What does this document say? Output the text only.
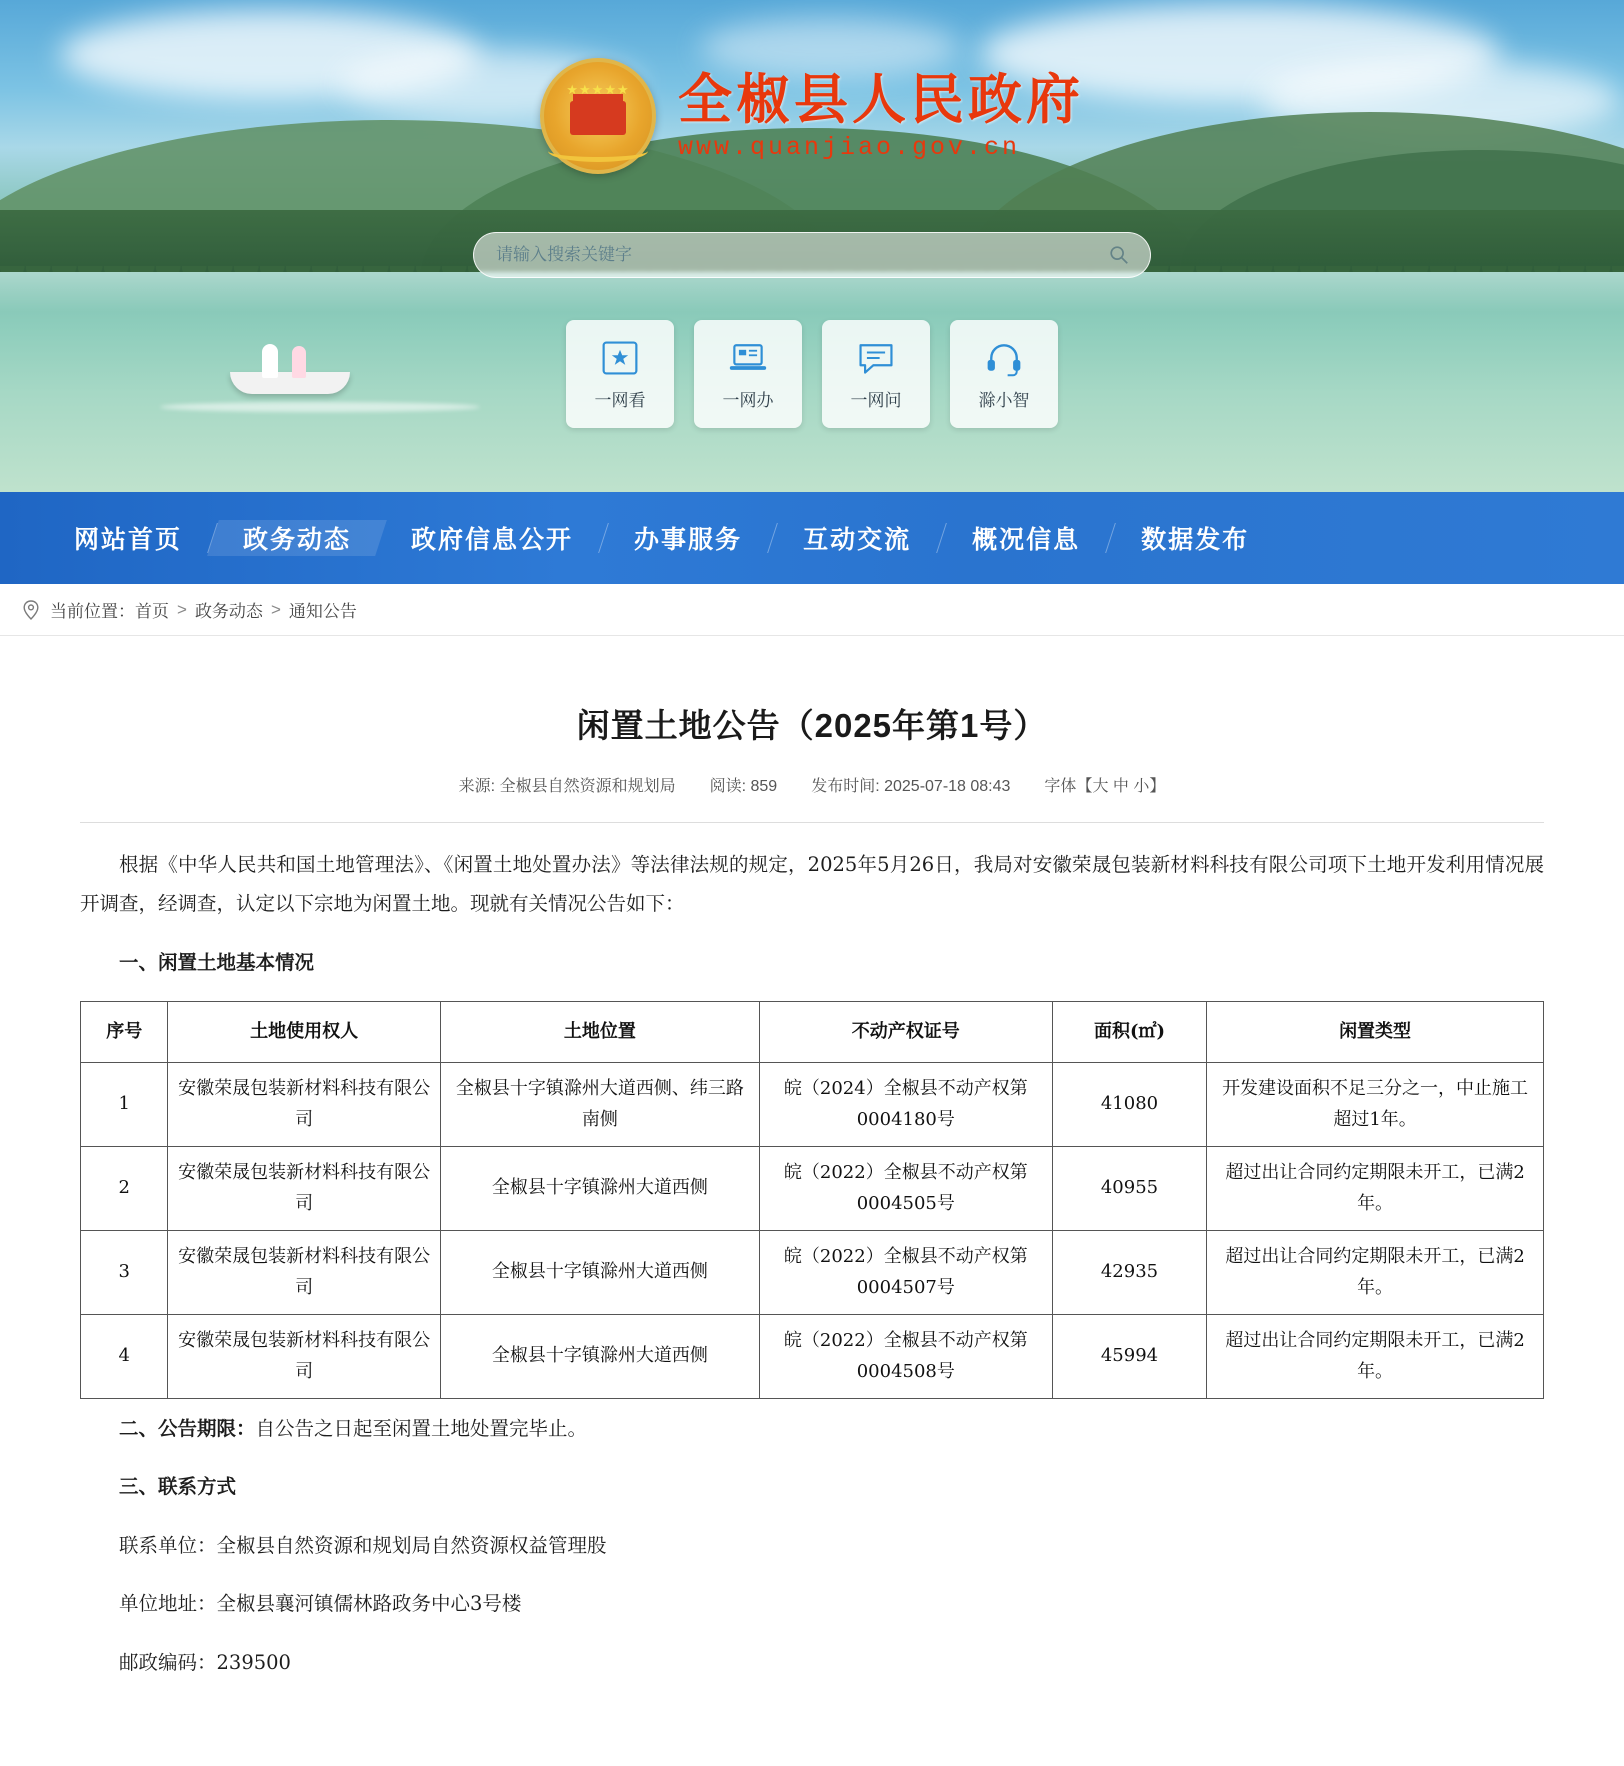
★★★★★ 全椒县人民政府
www.quanjiao.gov.cn
请输入搜索关键字
一网看	一网办	一网问	滁小智
网站首页	政务动态	政府信息公开	办事服务	互动交流	概况信息	数据发布
当前位置： 首页 > 政务动态 > 通知公告
闲置土地公告（2025年第1号）
来源: 全椒县自然资源和规划局 阅读: 859 发布时间: 2025-07-18 08:43 字体【大 中 小】

根据《中华人民共和国土地管理法》、《闲置土地处置办法》等法律法规的规定，2025年5月26日，我局对安徽荣晟包装新材料科技有限公司项下土地开发利用情况展开调查，经调查，认定以下宗地为闲置土地。现就有关情况公告如下：

一、闲置土地基本情况

序号	土地使用权人	土地位置	不动产权证号	面积(㎡)	闲置类型
1	安徽荣晟包装新材料科技有限公司	全椒县十字镇滁州大道西侧、纬三路南侧	皖（2024）全椒县不动产权第0004180号	41080	开发建设面积不足三分之一，中止施工超过1年。
2	安徽荣晟包装新材料科技有限公司	全椒县十字镇滁州大道西侧	皖（2022）全椒县不动产权第0004505号	40955	超过出让合同约定期限未开工，已满2年。
3	安徽荣晟包装新材料科技有限公司	全椒县十字镇滁州大道西侧	皖（2022）全椒县不动产权第0004507号	42935	超过出让合同约定期限未开工，已满2年。
4	安徽荣晟包装新材料科技有限公司	全椒县十字镇滁州大道西侧	皖（2022）全椒县不动产权第0004508号	45994	超过出让合同约定期限未开工，已满2年。

二、公告期限：自公告之日起至闲置土地处置完毕止。

三、联系方式

联系单位：全椒县自然资源和规划局自然资源权益管理股

单位地址：全椒县襄河镇儒林路政务中心3号楼

邮政编码：239500
